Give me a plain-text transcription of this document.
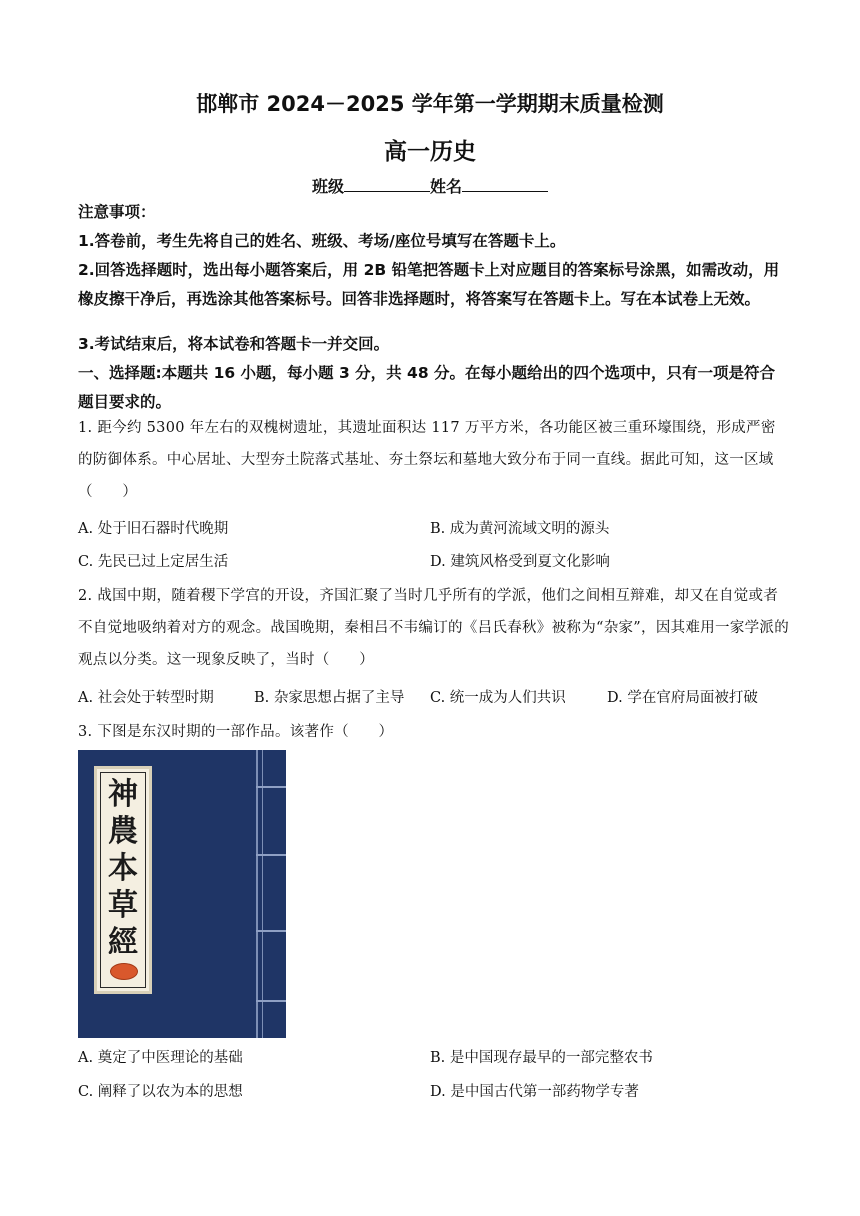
邯郸市 2024－2025 学年第一学期期末质量检测
高一历史
班级	姓名
注意事项：
1.答卷前，考生先将自己的姓名、班级、考场/座位号填写在答题卡上。
2.回答选择题时，选出每小题答案后，用 2B 铅笔把答题卡上对应题目的答案标号涂黑，如需改动，用橡皮擦干净后，再选涂其他答案标号。回答非选择题时，将答案写在答题卡上。写在本试卷上无效。
3.考试结束后，将本试卷和答题卡一并交回。
一、选择题:本题共 16 小题，每小题 3 分，共 48 分。在每小题给出的四个选项中，只有一项是符合题目要求的。
1. 距今约 5300 年左右的双槐树遗址，其遗址面积达 117 万平方米，各功能区被三重环壕围绕，形成严密的防御体系。中心居址、大型夯土院落式基址、夯土祭坛和墓地大致分布于同一直线。据此可知，这一区域（　　）
A. 处于旧石器时代晚期	B. 成为黄河流域文明的源头
C. 先民已过上定居生活	D. 建筑风格受到夏文化影响
2. 战国中期，随着稷下学宫的开设，齐国汇聚了当时几乎所有的学派，他们之间相互辩难，却又在自觉或者不自觉地吸纳着对方的观念。战国晚期，秦相吕不韦编订的《吕氏春秋》被称为“杂家”，因其难用一家学派的观点以分类。这一现象反映了，当时（　　）
A. 社会处于转型时期	B. 杂家思想占据了主导 C. 统一成为人们共识	D. 学在官府局面被打破
3. 下图是东汉时期的一部作品。该著作（　　）
神
農
本
草
經
A. 奠定了中医理论的基础	B. 是中国现存最早的一部完整农书
C. 阐释了以农为本的思想	D. 是中国古代第一部药物学专著
